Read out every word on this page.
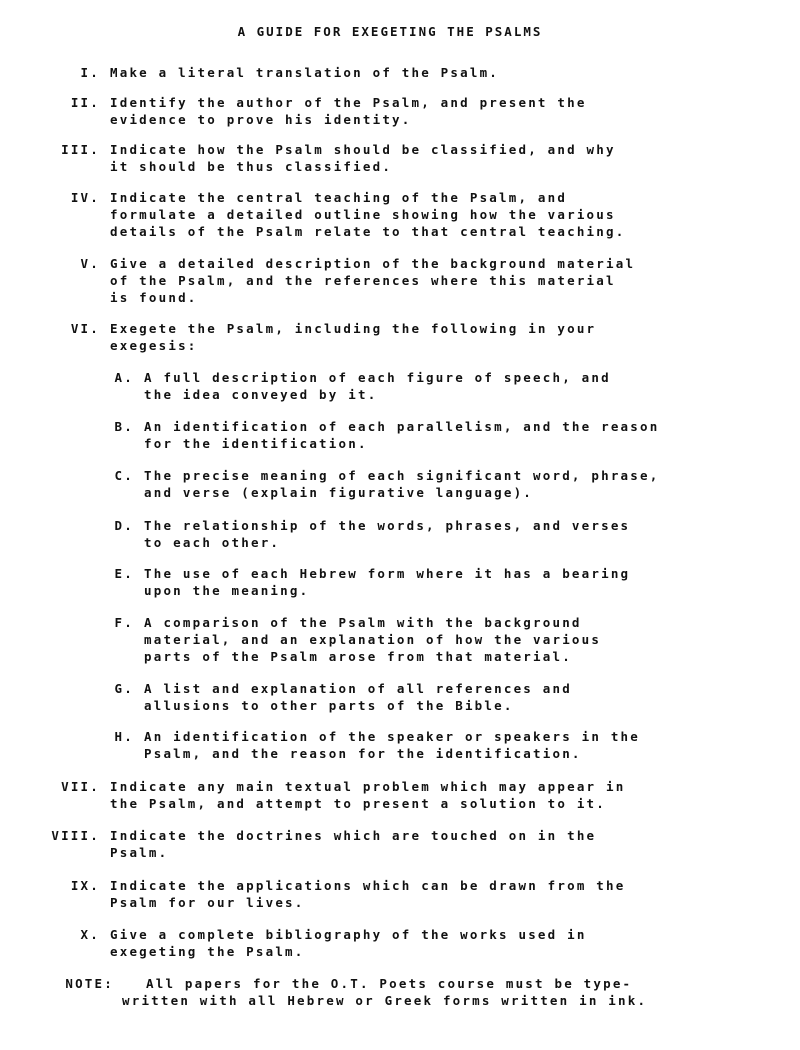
A GUIDE FOR EXEGETING THE PSALMS
I. Make a literal translation of the Psalm.
II. Identify the author of the Psalm, and present the
evidence to prove his identity.
III. Indicate how the Psalm should be classified, and why
it should be thus classified.
IV. Indicate the central teaching of the Psalm, and
formulate a detailed outline showing how the various
details of the Psalm relate to that central teaching.
V. Give a detailed description of the background material
of the Psalm, and the references where this material
is found.
VI. Exegete the Psalm, including the following in your
exegesis:
A. A full description of each figure of speech, and
the idea conveyed by it.
B. An identification of each parallelism, and the reason
for the identification.
C. The precise meaning of each significant word, phrase,
and verse (explain figurative language).
D. The relationship of the words, phrases, and verses
to each other.
E. The use of each Hebrew form where it has a bearing
upon the meaning.
F. A comparison of the Psalm with the background
material, and an explanation of how the various
parts of the Psalm arose from that material.
G. A list and explanation of all references and
allusions to other parts of the Bible.
H. An identification of the speaker or speakers in the
Psalm, and the reason for the identification.
VII. Indicate any main textual problem which may appear in
the Psalm, and attempt to present a solution to it.
VIII. Indicate the doctrines which are touched on in the
Psalm.
IX. Indicate the applications which can be drawn from the
Psalm for our lives.
X. Give a complete bibliography of the works used in
exegeting the Psalm.
NOTE:	All papers for the O.T. Poets course must be type-
written with all Hebrew or Greek forms written in ink.
